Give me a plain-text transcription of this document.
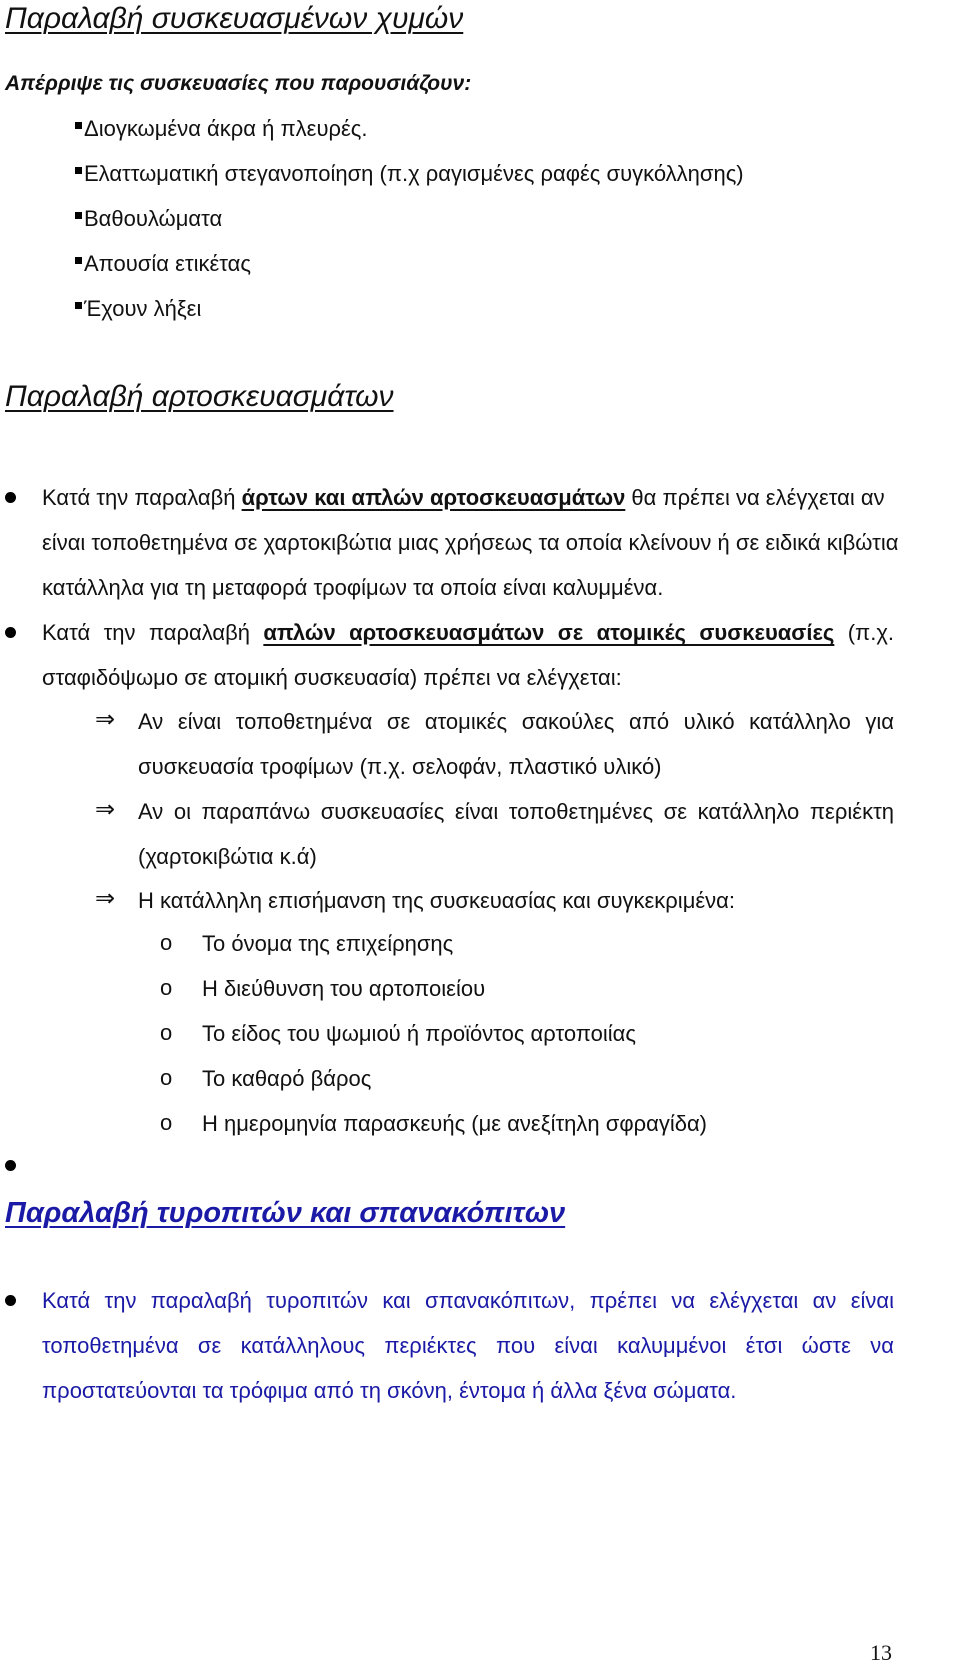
Παραλαβή συσκευασμένων χυμών
Απέρριψε τις συσκευασίες που παρουσιάζουν:
Διογκωμένα άκρα ή πλευρές.
Ελαττωματική στεγανοποίηση (π.χ ραγισμένες ραφές συγκόλλησης)
Βαθουλώματα
Απουσία ετικέτας
Έχουν λήξει
Παραλαβή αρτοσκευασμάτων
Κατά την παραλαβή άρτων και απλών αρτοσκευασμάτων θα πρέπει να ελέγχεται αν
είναι τοποθετημένα σε χαρτοκιβώτια μιας χρήσεως τα οποία κλείνουν ή σε ειδικά κιβώτια
κατάλληλα για τη μεταφορά τροφίμων τα οποία είναι καλυμμένα.
Κατά την παραλαβή απλών αρτοσκευασμάτων σε ατομικές συσκευασίες (π.χ.
σταφιδόψωμο σε ατομική συσκευασία) πρέπει να ελέγχεται:
⇒ Αν είναι τοποθετημένα σε ατομικές σακούλες από υλικό κατάλληλο για
συσκευασία τροφίμων (π.χ. σελοφάν, πλαστικό υλικό)
⇒ Αν οι παραπάνω συσκευασίες είναι τοποθετημένες σε κατάλληλο περιέκτη
(χαρτοκιβώτια κ.ά)
⇒ Η κατάλληλη επισήμανση της συσκευασίας και συγκεκριμένα:
o Το όνομα της επιχείρησης
o Η διεύθυνση του αρτοποιείου
o Το είδος του ψωμιού ή προϊόντος αρτοποιίας
o Το καθαρό βάρος
o Η ημερομηνία παρασκευής (με ανεξίτηλη σφραγίδα)
Παραλαβή τυροπιτών και σπανακόπιτων
Κατά την παραλαβή τυροπιτών και σπανακόπιτων, πρέπει να ελέγχεται αν είναι
τοποθετημένα σε κατάλληλους περιέκτες που είναι καλυμμένοι έτσι ώστε να
προστατεύονται τα τρόφιμα από τη σκόνη, έντομα ή άλλα ξένα σώματα.
13
